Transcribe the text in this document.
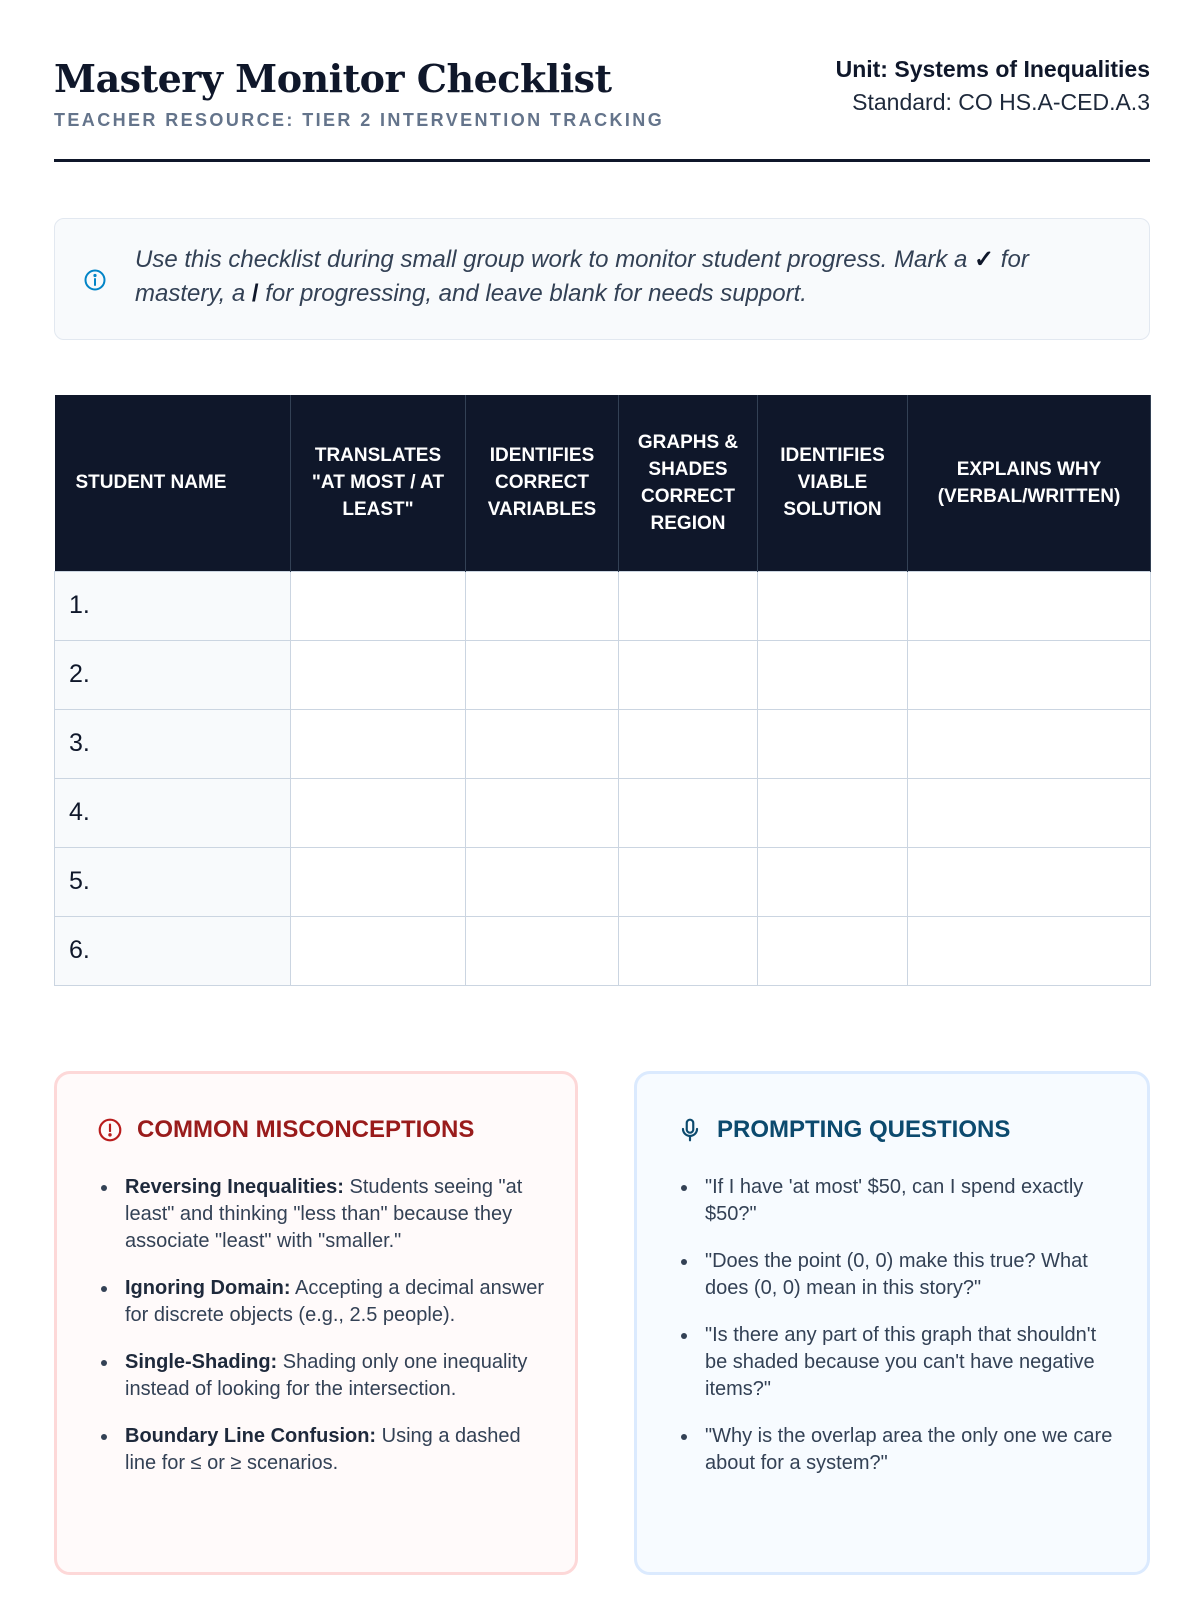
Mastery Monitor Checklist
TEACHER RESOURCE: TIER 2 INTERVENTION TRACKING
Unit: Systems of Inequalities
Standard: CO HS.A-CED.A.3
Use this checklist during small group work to monitor student progress. Mark a ✓ for mastery, a / for progressing, and leave blank for needs support.
STUDENT NAME	TRANSLATES "AT MOST / AT LEAST"	IDENTIFIES CORRECT VARIABLES	GRAPHS & SHADES CORRECT REGION	IDENTIFIES VIABLE SOLUTION	EXPLAINS WHY (VERBAL/WRITTEN)
1.					
2.					
3.					
4.					
5.					
6.					
COMMON MISCONCEPTIONS
Reversing Inequalities: Students seeing "at least" and thinking "less than" because they associate "least" with "smaller."
Ignoring Domain: Accepting a decimal answer for discrete objects (e.g., 2.5 people).
Single-Shading: Shading only one inequality instead of looking for the intersection.
Boundary Line Confusion: Using a dashed line for ≤ or ≥ scenarios.
PROMPTING QUESTIONS
"If I have 'at most' $50, can I spend exactly $50?"
"Does the point (0, 0) make this true? What does (0, 0) mean in this story?"
"Is there any part of this graph that shouldn't be shaded because you can't have negative items?"
"Why is the overlap area the only one we care about for a system?"
